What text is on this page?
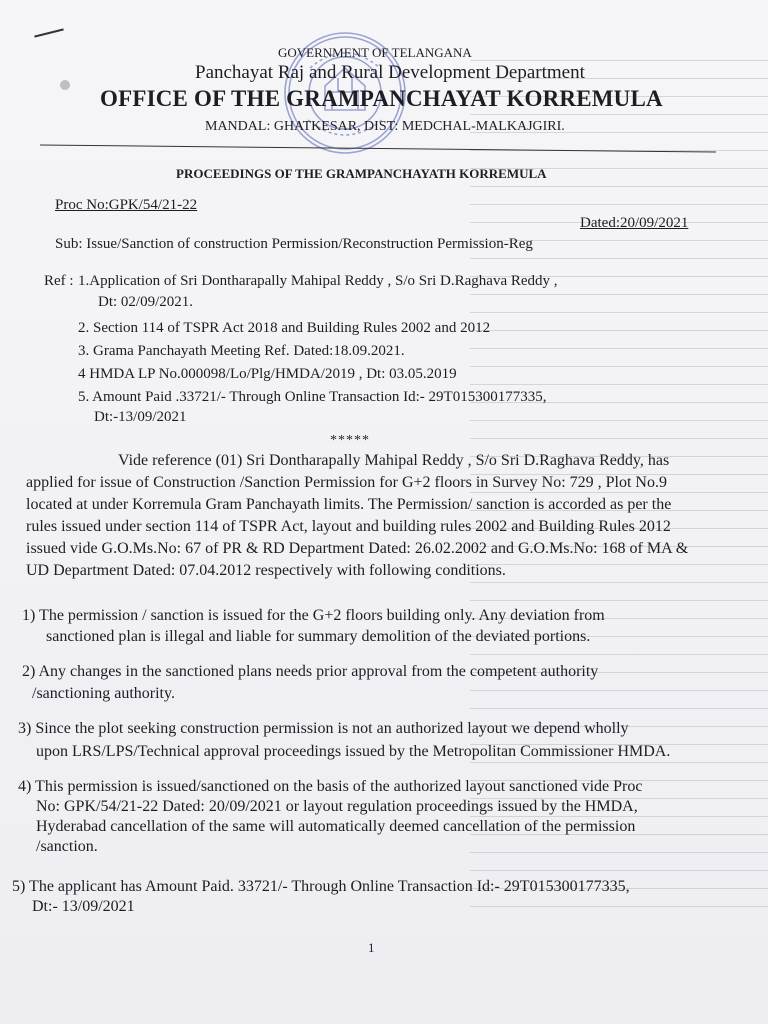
GOVERNMENT OF TELANGANA
Panchayat Raj and Rural Development Department
OFFICE OF THE GRAMPANCHAYAT KORREMULA
MANDAL: GHATKESAR, DIST: MEDCHAL-MALKAJGIRI.
PROCEEDINGS OF THE GRAMPANCHAYATH KORREMULA
Proc No:GPK/54/21-22
Dated:20/09/2021
Sub: Issue/Sanction of construction Permission/Reconstruction Permission-Reg
Ref : 1.Application of Sri Dontharapally Mahipal Reddy , S/o Sri D.Raghava Reddy ,
Dt: 02/09/2021.
2. Section 114 of TSPR Act 2018 and Building Rules 2002 and 2012
3. Grama Panchayath Meeting Ref. Dated:18.09.2021.
4 HMDA LP No.000098/Lo/Plg/HMDA/2019 , Dt: 03.05.2019
5. Amount Paid .33721/- Through Online Transaction Id:- 29T015300177335,
Dt:-13/09/2021
*****
Vide reference (01) Sri Dontharapally Mahipal Reddy , S/o Sri D.Raghava Reddy, has
applied for issue of Construction /Sanction Permission for G+2 floors in Survey No: 729 , Plot No.9
located at under Korremula Gram Panchayath limits. The Permission/ sanction is accorded as per the
rules issued under section 114 of TSPR Act, layout and building rules 2002 and Building Rules 2012
issued vide G.O.Ms.No: 67 of PR & RD Department Dated: 26.02.2002 and G.O.Ms.No: 168 of MA &
UD Department Dated: 07.04.2012 respectively with following conditions.
1) The permission / sanction is issued for the G+2 floors building only. Any deviation from
sanctioned plan is illegal and liable for summary demolition of the deviated portions.
2) Any changes in the sanctioned plans needs prior approval from the competent authority
/sanctioning authority.
3) Since the plot seeking construction permission is not an authorized layout we depend wholly
upon LRS/LPS/Technical approval proceedings issued by the Metropolitan Commissioner HMDA.
4) This permission is issued/sanctioned on the basis of the authorized layout sanctioned vide Proc
No: GPK/54/21-22 Dated: 20/09/2021 or layout regulation proceedings issued by the HMDA,
Hyderabad cancellation of the same will automatically deemed cancellation of the permission
/sanction.
5) The applicant has Amount Paid. 33721/- Through Online Transaction Id:- 29T015300177335,
Dt:- 13/09/2021
1
